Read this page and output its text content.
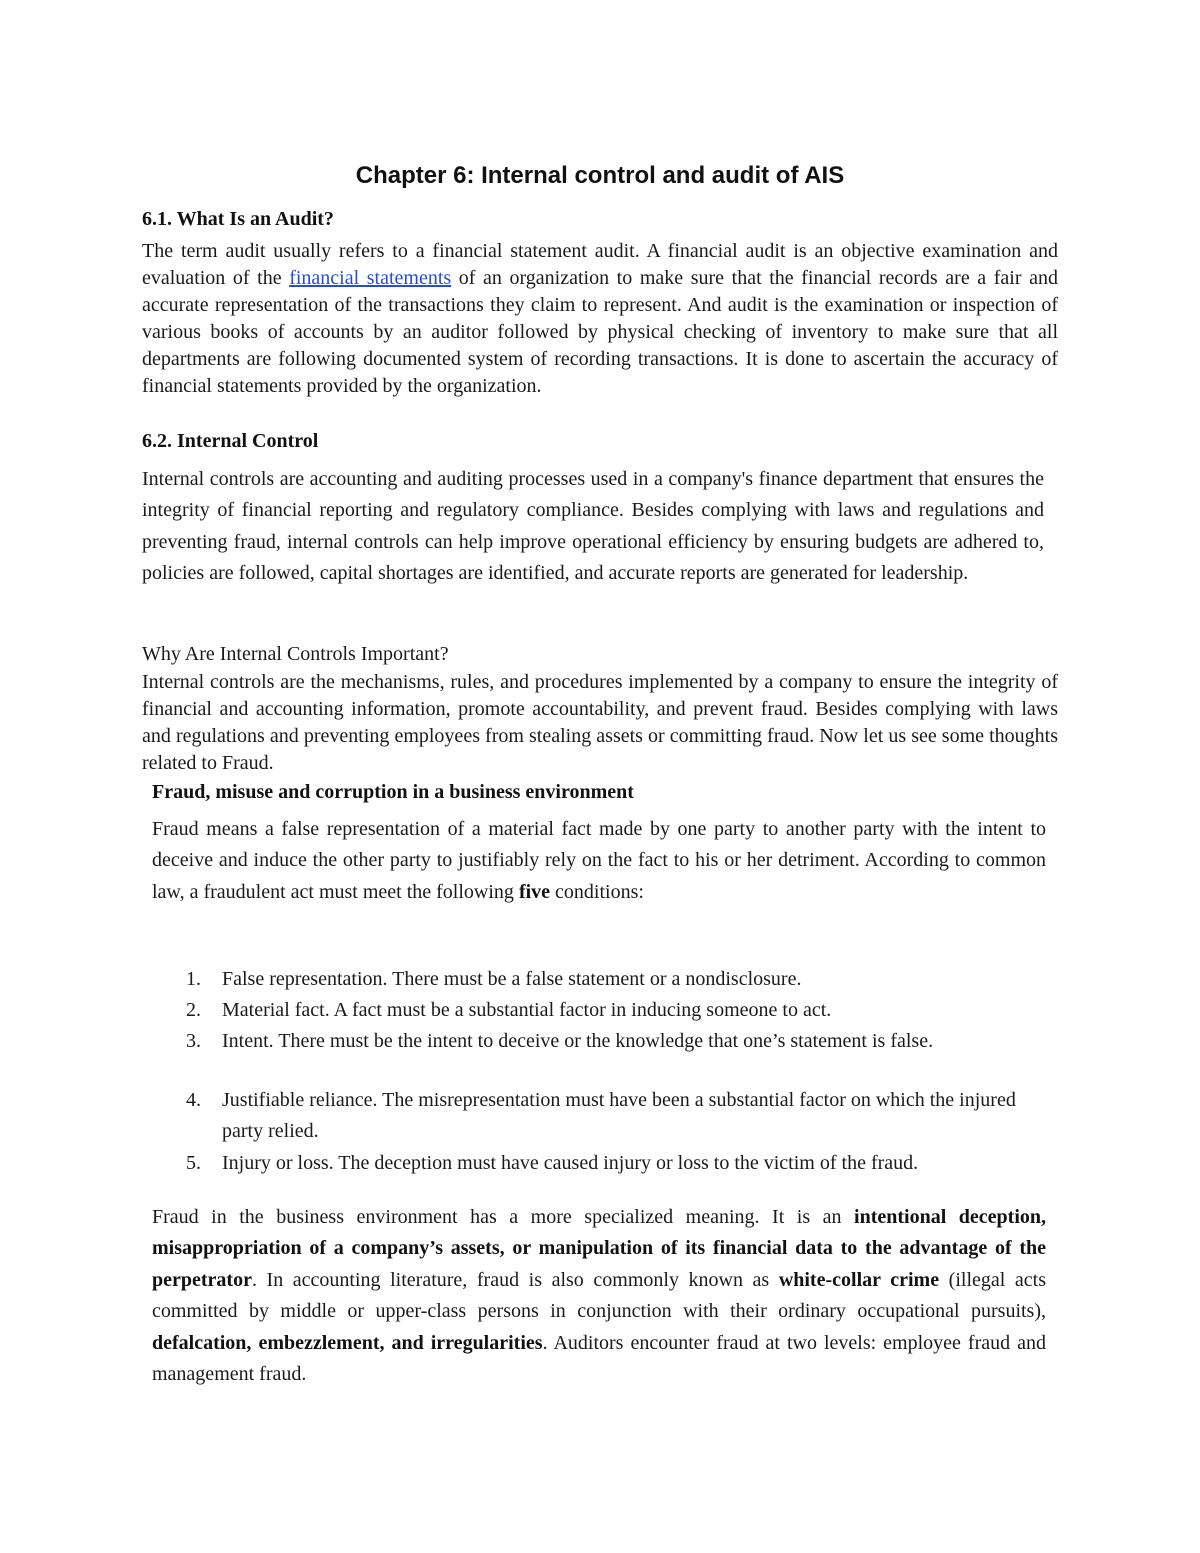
Chapter 6: Internal control and audit of AIS
6.1. What Is an Audit?

The term audit usually refers to a financial statement audit. A financial audit is an objective examination and evaluation of the financial statements of an organization to make sure that the financial records are a fair and accurate representation of the transactions they claim to represent. And audit is the examination or inspection of various books of accounts by an auditor followed by physical checking of inventory to make sure that all departments are following documented system of recording transactions. It is done to ascertain the accuracy of financial statements provided by the organization.

6.2. Internal Control

Internal controls are accounting and auditing processes used in a company's finance department that ensures the integrity of financial reporting and regulatory compliance. Besides complying with laws and regulations and preventing fraud, internal controls can help improve operational efficiency by ensuring budgets are adhered to, policies are followed, capital shortages are identified, and accurate reports are generated for leadership.

Why Are Internal Controls Important?

Internal controls are the mechanisms, rules, and procedures implemented by a company to ensure the integrity of financial and accounting information, promote accountability, and prevent fraud. Besides complying with laws and regulations and preventing employees from stealing assets or committing fraud. Now let us see some thoughts related to Fraud.

Fraud, misuse and corruption in a business environment

Fraud means a false representation of a material fact made by one party to another party with the intent to deceive and induce the other party to justifiably rely on the fact to his or her detriment. According to common law, a fraudulent act must meet the following five conditions:

1. False representation. There must be a false statement or a nondisclosure.
2. Material fact. A fact must be a substantial factor in inducing someone to act.
3. Intent. There must be the intent to deceive or the knowledge that one’s statement is false.
4. Justifiable reliance. The misrepresentation must have been a substantial factor on which the injured party relied.
5. Injury or loss. The deception must have caused injury or loss to the victim of the fraud.

Fraud in the business environment has a more specialized meaning. It is an intentional deception, misappropriation of a company’s assets, or manipulation of its financial data to the advantage of the perpetrator. In accounting literature, fraud is also commonly known as white-collar crime (illegal acts committed by middle or upper-class persons in conjunction with their ordinary occupational pursuits), defalcation, embezzlement, and irregularities. Auditors encounter fraud at two levels: employee fraud and management fraud.
